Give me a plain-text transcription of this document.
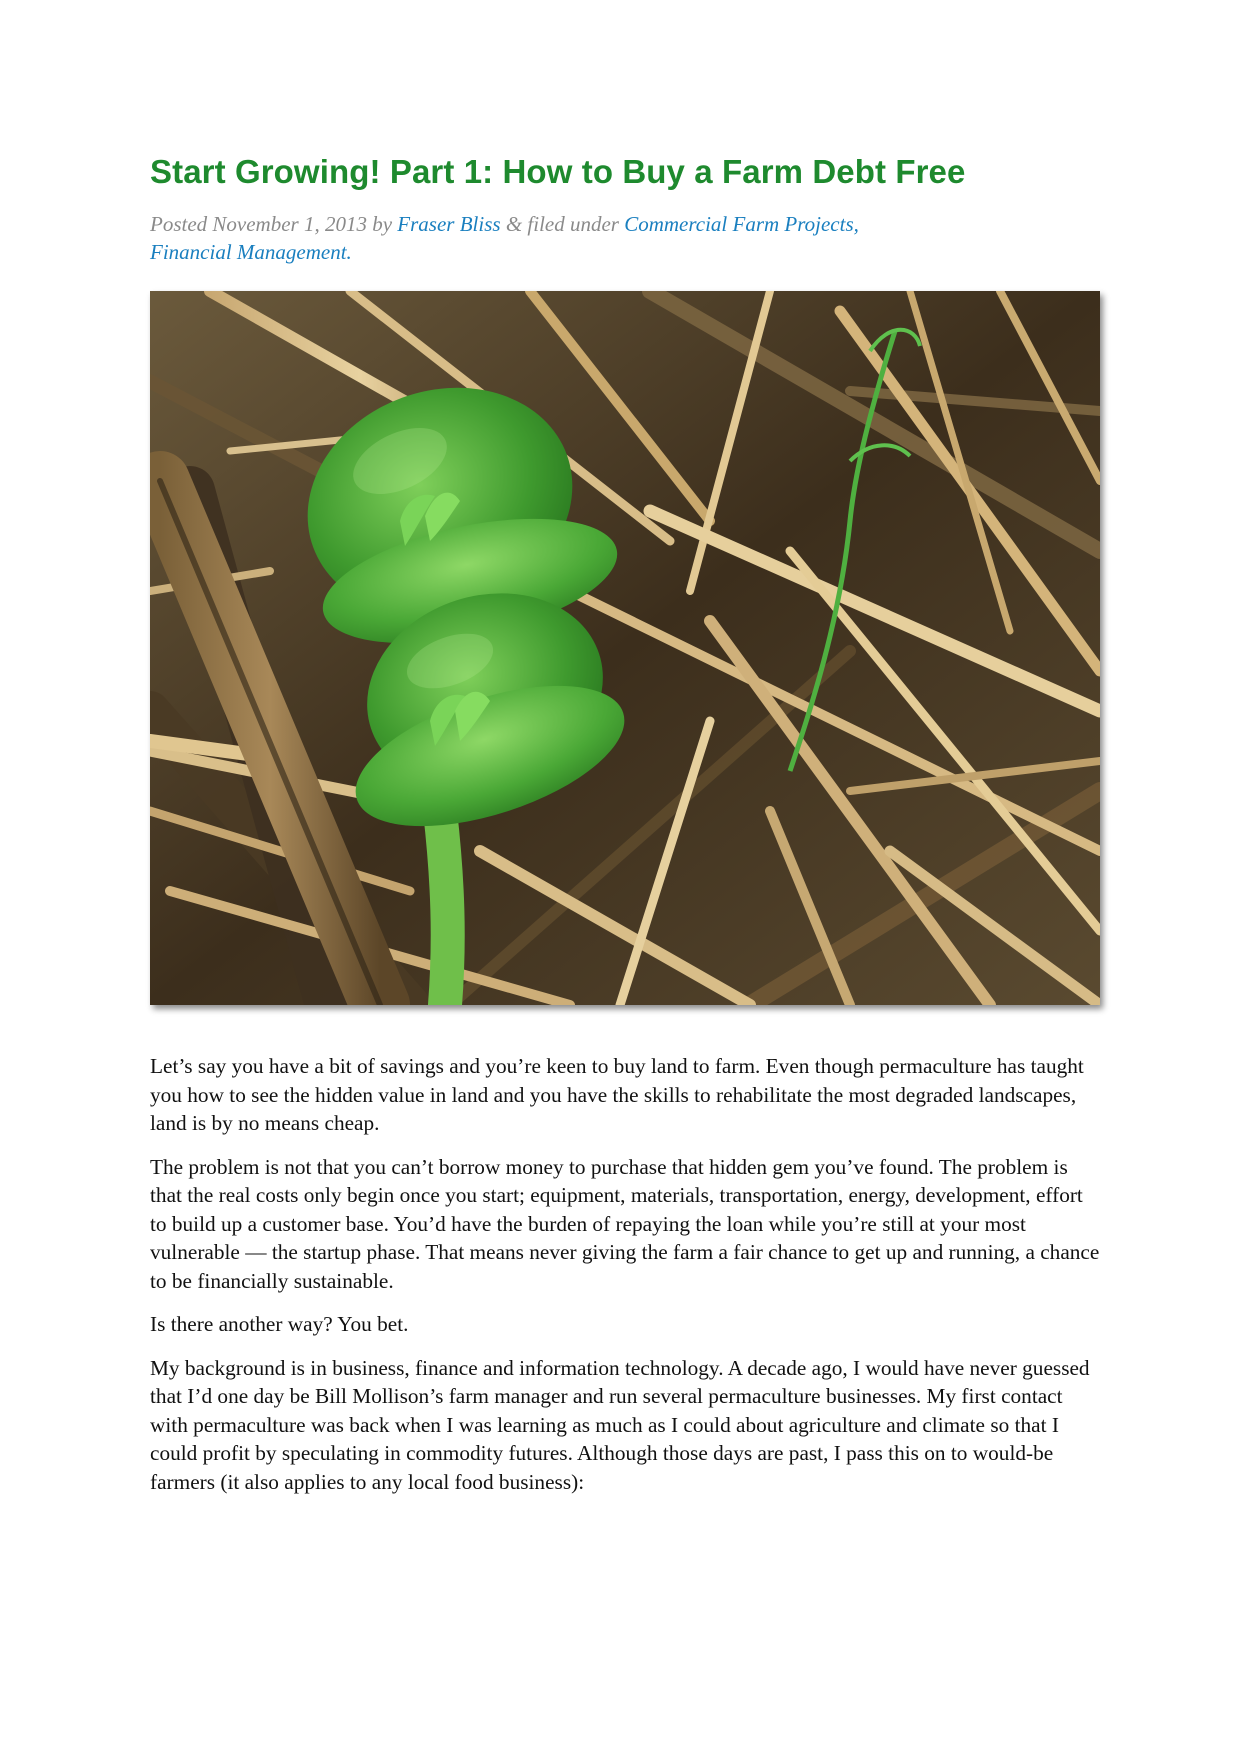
Start Growing! Part 1: How to Buy a Farm Debt Free
Posted November 1, 2013 by Fraser Bliss & filed under Commercial Farm Projects, Financial Management.

Let’s say you have a bit of savings and you’re keen to buy land to farm. Even though permaculture has taught you how to see the hidden value in land and you have the skills to rehabilitate the most degraded landscapes, land is by no means cheap.

The problem is not that you can’t borrow money to purchase that hidden gem you’ve found. The problem is that the real costs only begin once you start; equipment, materials, transportation, energy, development, effort to build up a customer base. You’d have the burden of repaying the loan while you’re still at your most vulnerable — the startup phase. That means never giving the farm a fair chance to get up and running, a chance to be financially sustainable.

Is there another way? You bet.

My background is in business, finance and information technology. A decade ago, I would have never guessed that I’d one day be Bill Mollison’s farm manager and run several permaculture businesses. My first contact with permaculture was back when I was learning as much as I could about agriculture and climate so that I could profit by speculating in commodity futures. Although those days are past, I pass this on to would-be farmers (it also applies to any local food business):
